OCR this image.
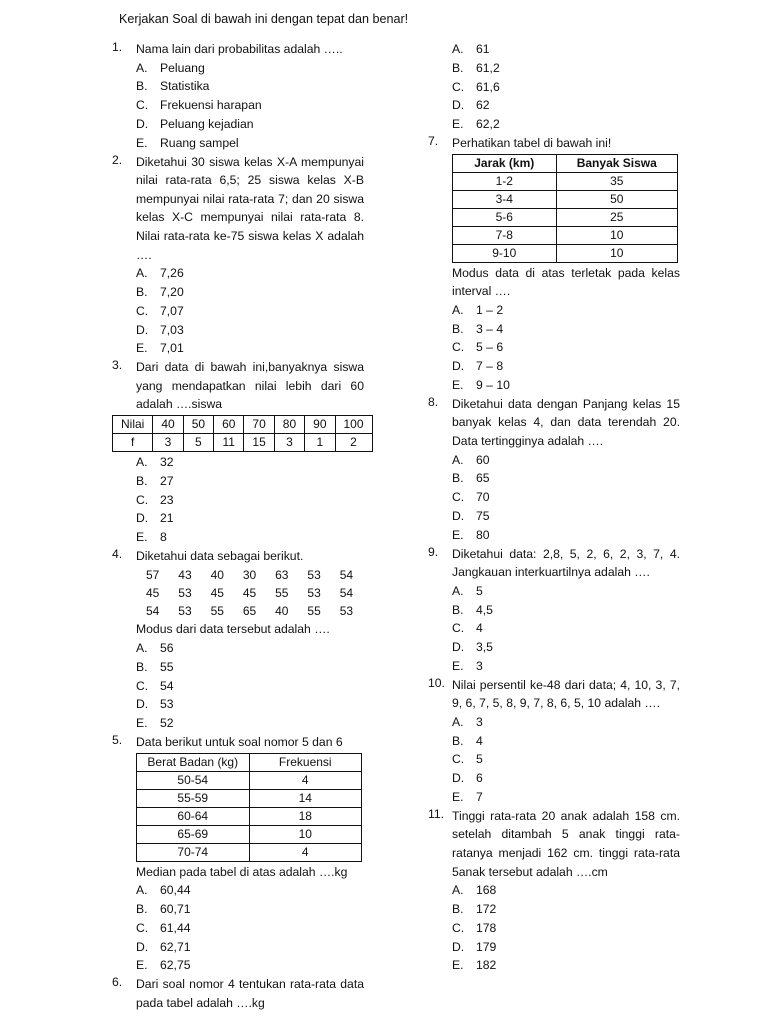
Kerjakan Soal di bawah ini dengan tepat dan benar!
1. Nama lain dari probabilitas adalah …..
A.	Peluang
B.	Statistika
C. Frekuensi harapan
D. Peluang kejadian
E.	Ruang sampel
2. Diketahui 30 siswa kelas X-A mempunyai nilai rata-rata 6,5; 25 siswa kelas X-B mempunyai nilai rata-rata 7; dan 20 siswa kelas X-C mempunyai nilai rata-rata 8. Nilai rata-rata ke-75 siswa kelas X adalah ….
A.	7,26
B.	7,20
C. 7,07
D. 7,03
E.	7,01
3. Dari data di bawah ini,banyaknya siswa yang mendapatkan nilai lebih dari 60 adalah ….siswa
Nilai	40	50	60	70	80	90	100
f	3	5	11	15	3	1	2
A.	32
B.	27
C. 23
D. 21
E.	8
4. Diketahui data sebagai berikut.
57	43	40	30	63	53	54
45	53	45	45	55	53	54
54	53	55	65	40	55	53
Modus dari data tersebut adalah ….
A.	56
B.	55
C. 54
D. 53
E.	52
5. Data berikut untuk soal nomor 5 dan 6
Berat Badan (kg)	Frekuensi
50-54	4
55-59	14
60-64	18
65-69	10
70-74	4
Median pada tabel di atas adalah ….kg
A.	60,44
B.	60,71
C. 61,44
D. 62,71
E.	62,75
6. Dari soal nomor 4 tentukan rata-rata data pada tabel adalah ….kg
A.	61
B.	61,2
C. 61,6
D. 62
E.	62,2
7. Perhatikan tabel di bawah ini!
Jarak (km)	Banyak Siswa
1-2	35
3-4	50
5-6	25
7-8	10
9-10	10
Modus data di atas terletak pada kelas interval ….
A.	1 – 2
B.	3 – 4
C. 5 – 6
D. 7 – 8
E.	9 – 10
8. Diketahui data dengan Panjang kelas 15 banyak kelas 4, dan data terendah 20. Data tertingginya adalah ….
A.	60
B.	65
C. 70
D. 75
E.	80
9. Diketahui data: 2,8, 5, 2, 6, 2, 3, 7, 4. Jangkauan interkuartilnya adalah ….
A.	5
B.	4,5
C. 4
D. 3,5
E.	3
10. Nilai persentil ke-48 dari data; 4, 10, 3, 7, 9, 6, 7, 5, 8, 9, 7, 8, 6, 5, 10 adalah ….
A.	3
B.	4
C. 5
D. 6
E.	7
11. Tinggi rata-rata 20 anak adalah 158 cm. setelah ditambah 5 anak tinggi rata-ratanya menjadi 162 cm. tinggi rata-rata 5anak tersebut adalah ….cm
A.	168
B.	172
C. 178
D. 179
E.	182
